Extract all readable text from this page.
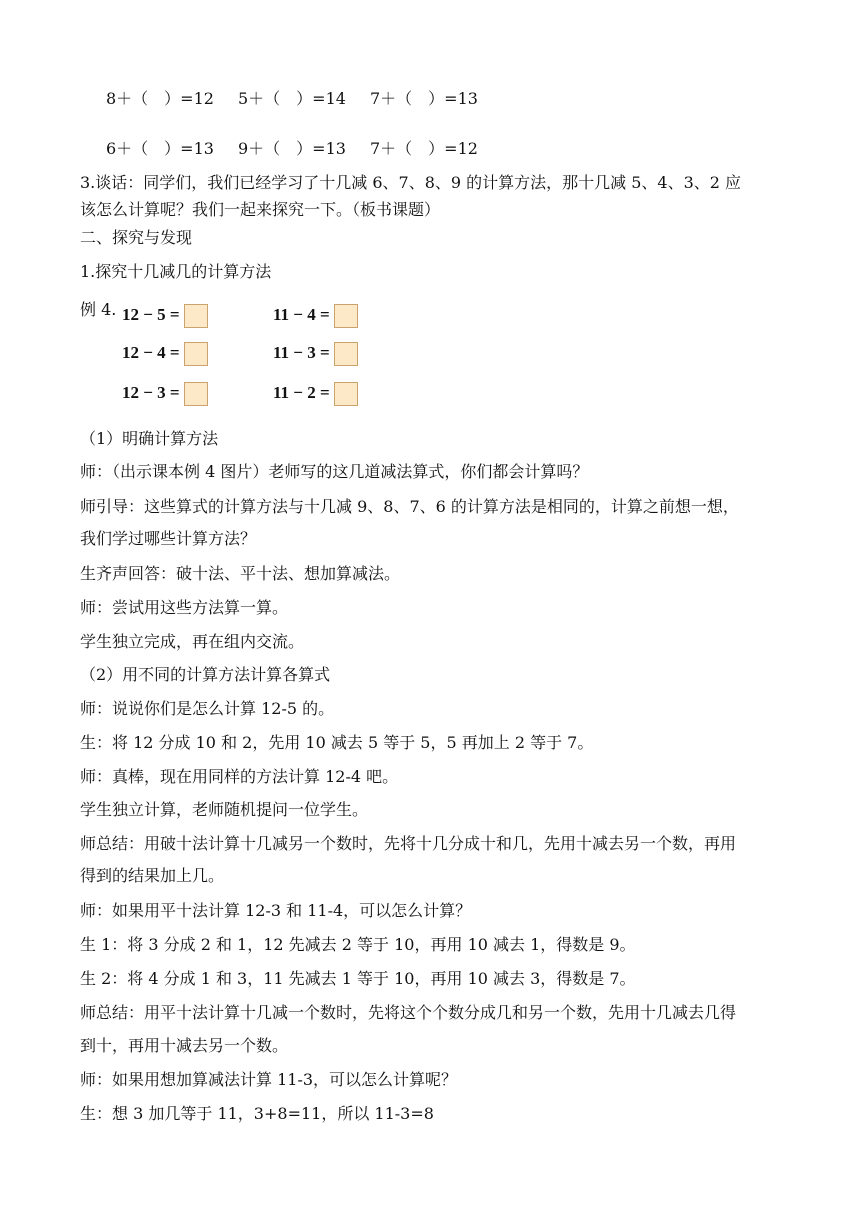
8＋（　）=12 5＋（　）=14 7＋（　）=13
6＋（　）=13 9＋（　）=13 7＋（　）=12
3.谈话：同学们，我们已经学习了十几减 6、7、8、9 的计算方法，那十几减 5、4、3、2 应
该怎么计算呢？我们一起来探究一下。（板书课题）
二、探究与发现
1.探究十几减几的计算方法
例 4. 12 − 5 =
12 − 4 =
12 − 3 =
11 − 4 =
11 − 3 =
11 − 2 =
（1）明确计算方法
师：（出示课本例 4 图片）老师写的这几道减法算式，你们都会计算吗？
师引导：这些算式的计算方法与十几减 9、8、7、6 的计算方法是相同的，计算之前想一想，
我们学过哪些计算方法？
生齐声回答：破十法、平十法、想加算减法。
师：尝试用这些方法算一算。
学生独立完成，再在组内交流。
（2）用不同的计算方法计算各算式
师：说说你们是怎么计算 12-5 的。
生：将 12 分成 10 和 2，先用 10 减去 5 等于 5，5 再加上 2 等于 7。
师：真棒，现在用同样的方法计算 12-4 吧。
学生独立计算，老师随机提问一位学生。
师总结：用破十法计算十几减另一个数时，先将十几分成十和几，先用十减去另一个数，再用
得到的结果加上几。
师：如果用平十法计算 12-3 和 11-4，可以怎么计算？
生 1：将 3 分成 2 和 1，12 先减去 2 等于 10，再用 10 减去 1，得数是 9。
生 2：将 4 分成 1 和 3，11 先减去 1 等于 10，再用 10 减去 3，得数是 7。
师总结：用平十法计算十几减一个数时，先将这个个数分成几和另一个数，先用十几减去几得
到十，再用十减去另一个数。
师：如果用想加算减法计算 11-3，可以怎么计算呢？
生：想 3 加几等于 11，3+8=11，所以 11-3=8
